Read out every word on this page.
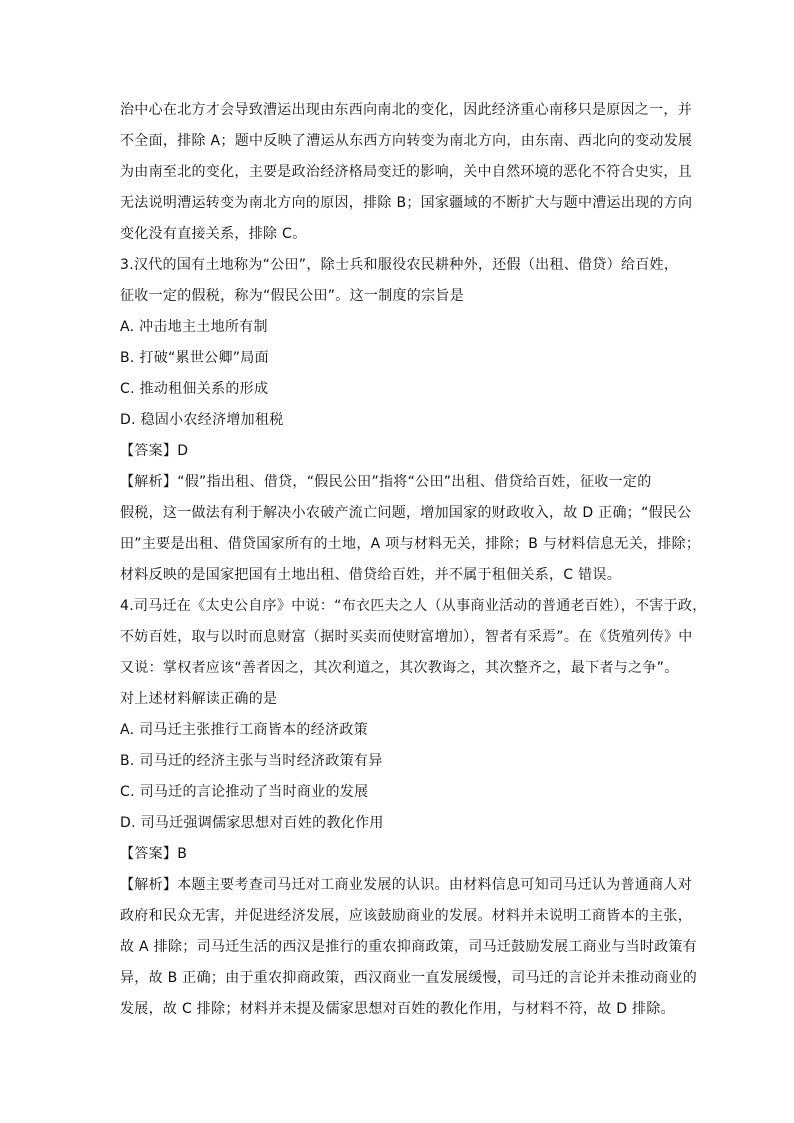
治中心在北方才会导致漕运出现由东西向南北的变化，因此经济重心南移只是原因之一，并
不全面，排除 A；题中反映了漕运从东西方向转变为南北方向，由东南、西北向的变动发展
为由南至北的变化，主要是政治经济格局变迁的影响，关中自然环境的恶化不符合史实，且
无法说明漕运转变为南北方向的原因，排除 B；国家疆域的不断扩大与题中漕运出现的方向
变化没有直接关系，排除 C。
3.汉代的国有土地称为“公田”，除士兵和服役农民耕种外，还假（出租、借贷）给百姓，
征收一定的假税，称为“假民公田”。这一制度的宗旨是
A. 冲击地主土地所有制
B. 打破“累世公卿”局面
C. 推动租佃关系的形成
D. 稳固小农经济增加租税
【答案】D
【解析】“假”指出租、借贷，“假民公田”指将“公田”出租、借贷给百姓，征收一定的
假税，这一做法有利于解决小农破产流亡问题，增加国家的财政收入，故 D 正确；“假民公
田”主要是出租、借贷国家所有的土地，A 项与材料无关，排除；B 与材料信息无关，排除；
材料反映的是国家把国有土地出租、借贷给百姓，并不属于租佃关系，C 错误。
4.司马迁在《太史公自序》中说：“布衣匹夫之人（从事商业活动的普通老百姓），不害于政，
不妨百姓，取与以时而息财富（据时买卖而使财富增加），智者有采焉”。在《货殖列传》中
又说：掌权者应该“善者因之，其次利道之，其次教诲之，其次整齐之，最下者与之争”。
对上述材料解读正确的是
A. 司马迁主张推行工商皆本的经济政策
B. 司马迁的经济主张与当时经济政策有异
C. 司马迁的言论推动了当时商业的发展
D. 司马迁强调儒家思想对百姓的教化作用
【答案】B
【解析】本题主要考查司马迁对工商业发展的认识。由材料信息可知司马迁认为普通商人对
政府和民众无害，并促进经济发展，应该鼓励商业的发展。材料并未说明工商皆本的主张，
故 A 排除；司马迁生活的西汉是推行的重农抑商政策，司马迁鼓励发展工商业与当时政策有
异，故 B 正确；由于重农抑商政策，西汉商业一直发展缓慢，司马迁的言论并未推动商业的
发展，故 C 排除；材料并未提及儒家思想对百姓的教化作用，与材料不符，故 D 排除。
